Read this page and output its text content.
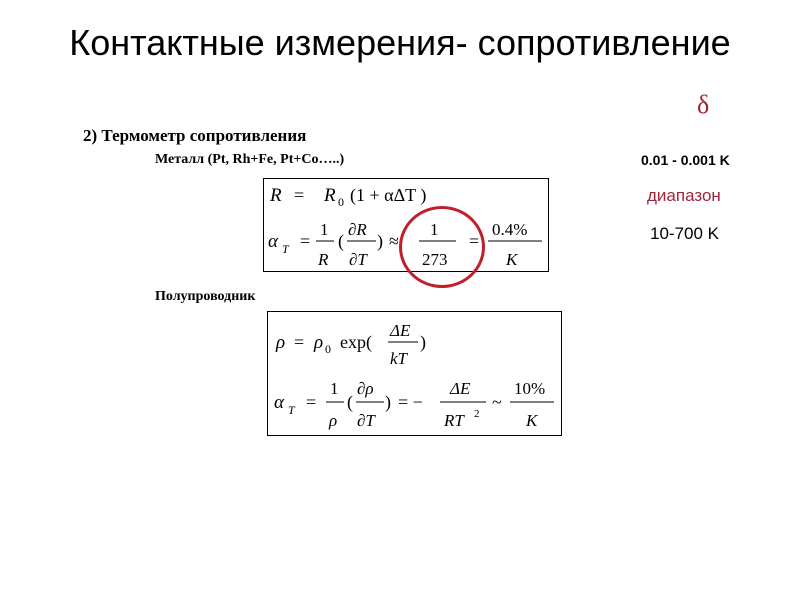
Контактные измерения- сопротивление
δ
2) Термометр сопротивления
Металл (Pt, Rh+Fe, Pt+Co…..)	0.01 - 0.001 K
диапазон
10-700 K
R = R 0 (1 + αΔT )
α T =
1
R
(
∂R
∂T
) ≈
1
273
=
0.4%
K
Полупроводник
ρ = ρ 0 exp(
ΔE
kT
)
α T =
1
ρ
(
∂ρ
∂T
) = −
ΔE
RT 2
~
10%
K
